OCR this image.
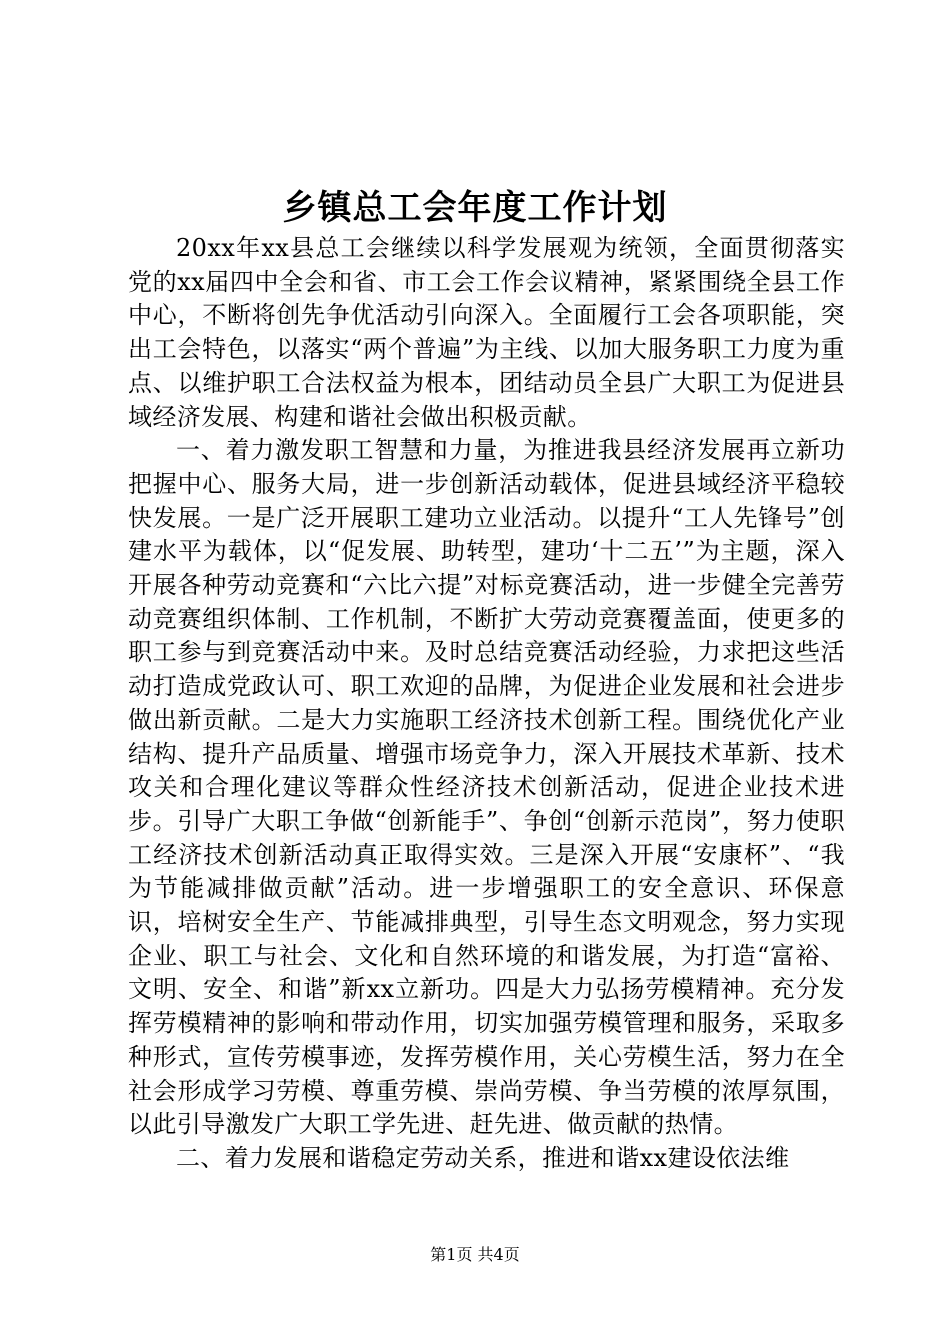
乡镇总工会年度工作计划

20xx年xx县总工会继续以科学发展观为统领，全面贯彻落实党的xx届四中全会和省、市工会工作会议精神，紧紧围绕全县工作中心，不断将创先争优活动引向深入。全面履行工会各项职能，突出工会特色，以落实“两个普遍”为主线、以加大服务职工力度为重点、以维护职工合法权益为根本，团结动员全县广大职工为促进县域经济发展、构建和谐社会做出积极贡献。

一、着力激发职工智慧和力量，为推进我县经济发展再立新功把握中心、服务大局，进一步创新活动载体，促进县域经济平稳较快发展。一是广泛开展职工建功立业活动。以提升“工人先锋号”创建水平为载体，以“促发展、助转型，建功‘十二五’”为主题，深入开展各种劳动竞赛和“六比六提”对标竞赛活动，进一步健全完善劳动竞赛组织体制、工作机制，不断扩大劳动竞赛覆盖面，使更多的职工参与到竞赛活动中来。及时总结竞赛活动经验，力求把这些活动打造成党政认可、职工欢迎的品牌，为促进企业发展和社会进步做出新贡献。二是大力实施职工经济技术创新工程。围绕优化产业结构、提升产品质量、增强市场竞争力，深入开展技术革新、技术攻关和合理化建议等群众性经济技术创新活动，促进企业技术进步。引导广大职工争做“创新能手”、争创“创新示范岗”，努力使职工经济技术创新活动真正取得实效。三是深入开展“安康杯”、“我为节能减排做贡献”活动。进一步增强职工的安全意识、环保意识，培树安全生产、节能减排典型，引导生态文明观念，努力实现企业、职工与社会、文化和自然环境的和谐发展，为打造“富裕、文明、安全、和谐”新xx立新功。四是大力弘扬劳模精神。充分发挥劳模精神的影响和带动作用，切实加强劳模管理和服务，采取多种形式，宣传劳模事迹，发挥劳模作用，关心劳模生活，努力在全社会形成学习劳模、尊重劳模、崇尚劳模、争当劳模的浓厚氛围，以此引导激发广大职工学先进、赶先进、做贡献的热情。

二、着力发展和谐稳定劳动关系，推进和谐xx建设依法维

第1页 共4页
